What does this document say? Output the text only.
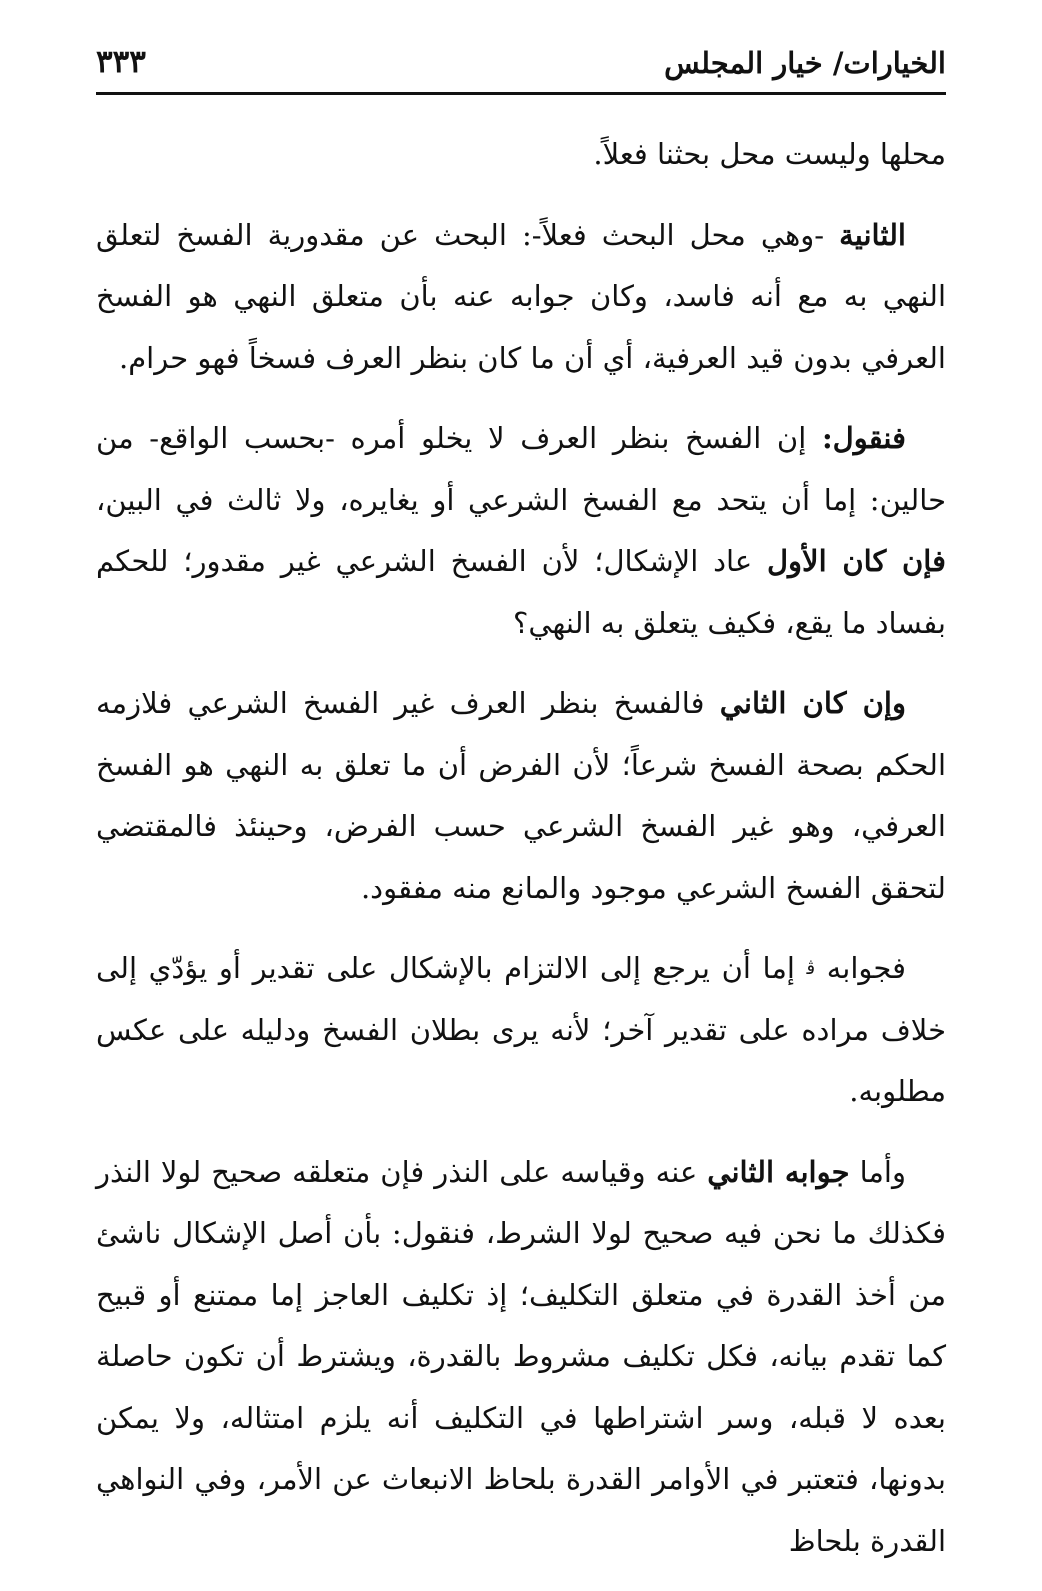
الخيارات/ خيار المجلس
٣٣٣

محلها وليست محل بحثنا فعلاً.

الثانية -وهي محل البحث فعلاً-: البحث عن مقدورية الفسخ لتعلق النهي به مع أنه فاسد، وكان جوابه عنه بأن متعلق النهي هو الفسخ العرفي بدون قيد العرفية، أي أن ما كان بنظر العرف فسخاً فهو حرام.

فنقول: إن الفسخ بنظر العرف لا يخلو أمره -بحسب الواقع- من حالين: إما أن يتحد مع الفسخ الشرعي أو يغايره، ولا ثالث في البين، فإن كان الأول عاد الإشكال؛ لأن الفسخ الشرعي غير مقدور؛ للحكم بفساد ما يقع، فكيف يتعلق به النهي؟

وإن كان الثاني فالفسخ بنظر العرف غير الفسخ الشرعي فلازمه الحكم بصحة الفسخ شرعاً؛ لأن الفرض أن ما تعلق به النهي هو الفسخ العرفي، وهو غير الفسخ الشرعي حسب الفرض، وحينئذ فالمقتضي لتحقق الفسخ الشرعي موجود والمانع منه مفقود.

فجوابه ﭬ إما أن يرجع إلى الالتزام بالإشكال على تقدير أو يؤدّي إلى خلاف مراده على تقدير آخر؛ لأنه يرى بطلان الفسخ ودليله على عكس مطلوبه.

وأما جوابه الثاني عنه وقياسه على النذر فإن متعلقه صحيح لولا النذر فكذلك ما نحن فيه صحيح لولا الشرط، فنقول: بأن أصل الإشكال ناشئ من أخذ القدرة في متعلق التكليف؛ إذ تكليف العاجز إما ممتنع أو قبيح كما تقدم بيانه، فكل تكليف مشروط بالقدرة، ويشترط أن تكون حاصلة بعده لا قبله، وسر اشتراطها في التكليف أنه يلزم امتثاله، ولا يمكن بدونها، فتعتبر في الأوامر القدرة بلحاظ الانبعاث عن الأمر، وفي النواهي القدرة بلحاظ
